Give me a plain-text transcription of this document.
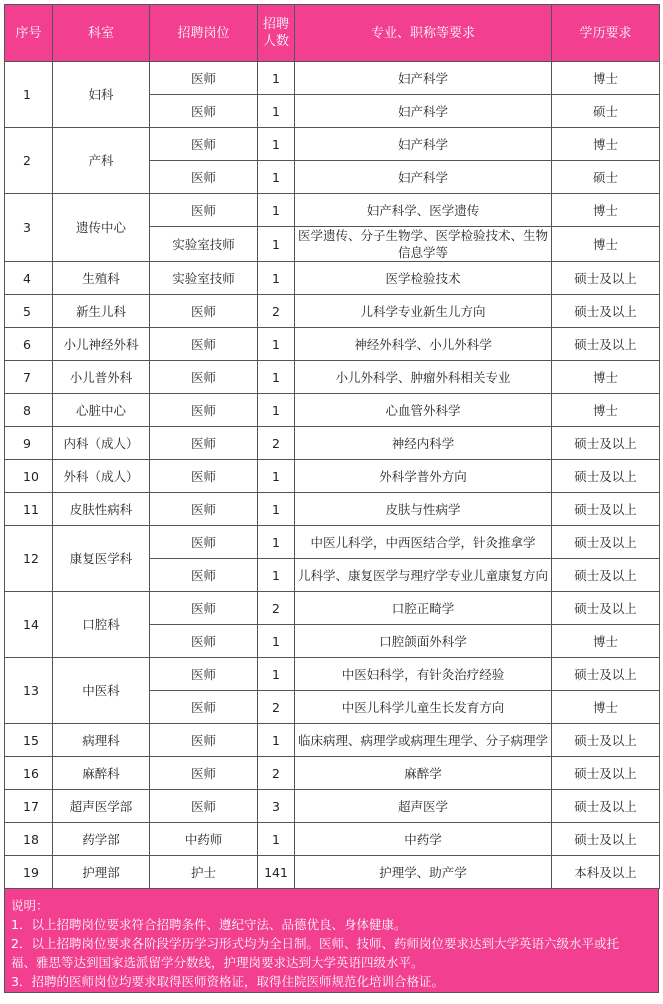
序号	科室	招聘岗位	招聘人数	专业、职称等要求	学历要求
1	妇科	医师	1	妇产科学	博士
		医师	1	妇产科学	硕士
2	产科	医师	1	妇产科学	博士
		医师	1	妇产科学	硕士
3	遗传中心	医师	1	妇产科学、医学遗传	博士
		实验室技师	1	医学遗传、分子生物学、医学检验技术、生物信息学等	博士
4	生殖科	实验室技师	1	医学检验技术	硕士及以上
5	新生儿科	医师	2	儿科学专业新生儿方向	硕士及以上
6	小儿神经外科	医师	1	神经外科学、小儿外科学	硕士及以上
7	小儿普外科	医师	1	小儿外科学、肿瘤外科相关专业	博士
8	心脏中心	医师	1	心血管外科学	博士
9	内科（成人）	医师	2	神经内科学	硕士及以上
10	外科（成人）	医师	1	外科学普外方向	硕士及以上
11	皮肤性病科	医师	1	皮肤与性病学	硕士及以上
12	康复医学科	医师	1	中医儿科学，中西医结合学，针灸推拿学	硕士及以上
		医师	1	儿科学、康复医学与理疗学专业儿童康复方向	硕士及以上
14	口腔科	医师	2	口腔正畸学	硕士及以上
		医师	1	口腔颌面外科学	博士
13	中医科	医师	1	中医妇科学，有针灸治疗经验	硕士及以上
		医师	2	中医儿科学儿童生长发育方向	博士
15	病理科	医师	1	临床病理、病理学或病理生理学、分子病理学	硕士及以上
16	麻醉科	医师	2	麻醉学	硕士及以上
17	超声医学部	医师	3	超声医学	硕士及以上
18	药学部	中药师	1	中药学	硕士及以上
19	护理部	护士	141	护理学、助产学	本科及以上
说明：
1．以上招聘岗位要求符合招聘条件、遵纪守法、品德优良、身体健康。
2．以上招聘岗位要求各阶段学历学习形式均为全日制。医师、技师、药师岗位要求达到大学英语六级水平或托
福、雅思等达到国家选派留学分数线，护理岗要求达到大学英语四级水平。
3．招聘的医师岗位均要求取得医师资格证，取得住院医师规范化培训合格证。
